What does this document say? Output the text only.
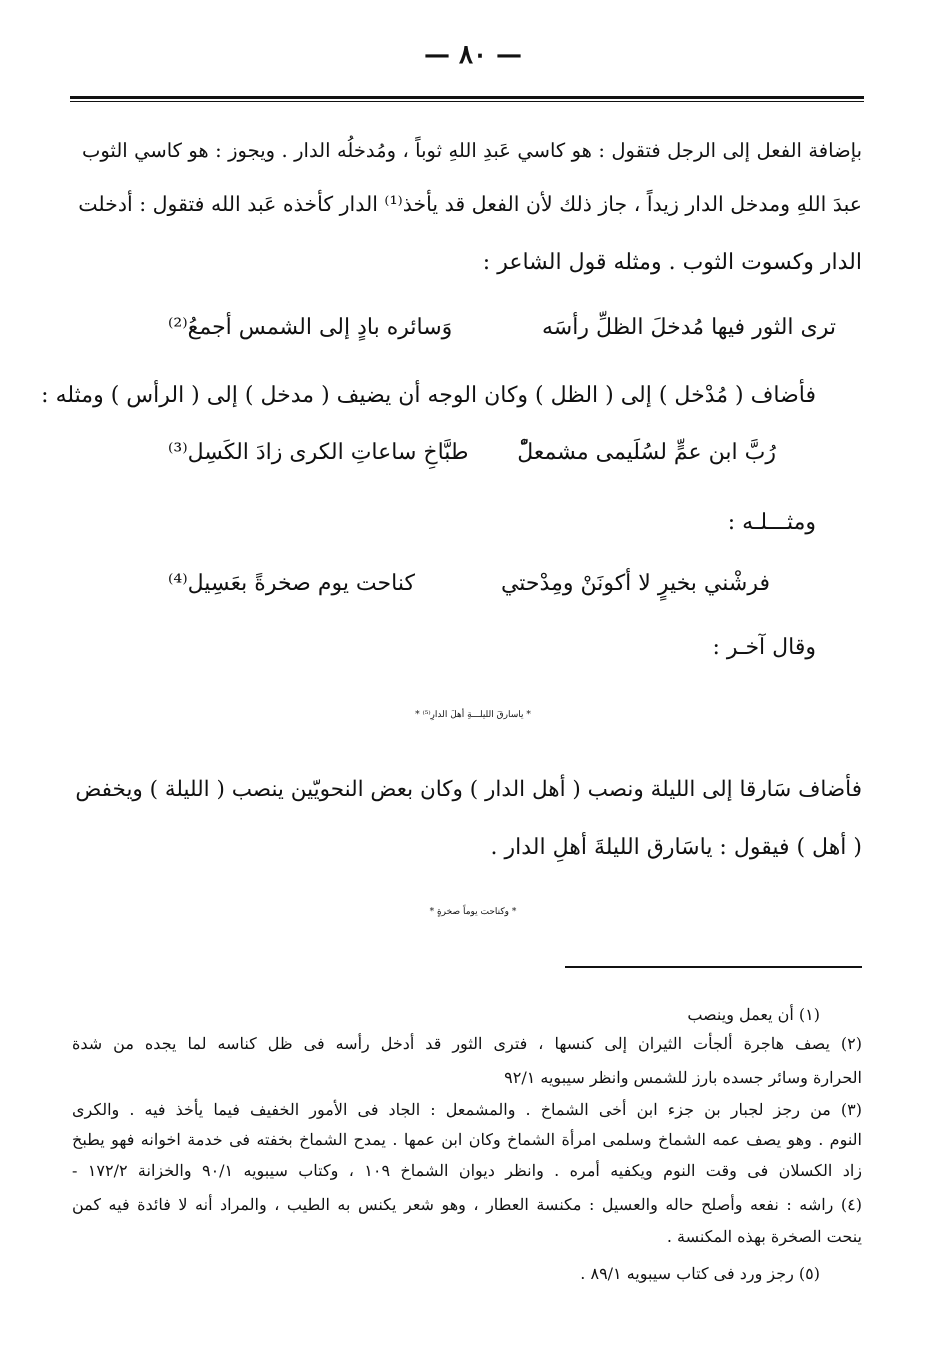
— ٨٠ —
بإضافة الفعل إلى الرجل فتقول : هو كاسي عَبدِ اللهِ ثوباً ، ومُدخلُه الدار . ويجوز : هو كاسي الثوب
عبدَ اللهِ ومدخل الدار زيداً ، جاز ذلك لأن الفعل قد يأخذ⁽¹⁾ الدار كأخذه عَبد الله فتقول : أدخلت
الدار وكسوت الثوب . ومثله قول الشاعر :
ترى الثور فيها مُدخلَ الظلِّ رأسَه
وَسائره بادٍ إلى الشمس أجمعُ⁽²⁾
فأضاف ( مُدْخل ) إلى ( الظل ) وكان الوجه أن يضيف ( مدخل ) إلى ( الرأس ) ومثله :
رُبَّ ابن عمٍّ لسُلَيمى مشمعلّْ
طبَّاخِ ساعاتِ الكرى زادَ الكَسِل⁽³⁾
ومثـــلـه :
فرشْني بخيرٍ لا أكونَنْ ومِدْحتي
كناحت يوم صخرةً بعَسِيل⁽⁴⁾
وقال آخـر :
* ياسارقَ الليلـــةِ أهلَ الدارِ⁽⁵⁾ *
فأضاف سَارقا إلى الليلة ونصب ( أهل الدار ) وكان بعض النحويّين ينصب ( الليلة ) ويخفض
( أهل ) فيقول : ياسَارق الليلةَ أهلِ الدار .
* وكناحت يوماً صخرةٍ *
(١) أن يعمل وينصب
(٢) يصف هاجرة ألجأت الثيران إلى كنسها ، فترى الثور قد أدخل رأسه فى ظل كناسه لما يجده من شدة
الحرارة وسائر جسده بارز للشمس وانظر سيبويه ٩٢/١
(٣) من رجز لجبار بن جزء ابن أخى الشماخ . والمشمعل : الجاد فى الأمور الخفيف فيما يأخذ فيه . والكرى
النوم . وهو يصف عمه الشماخ وسلمى امرأة الشماخ وكان ابن عمها . يمدح الشماخ بخفته فى خدمة اخوانه فهو يطبخ
زاد الكسلان فى وقت النوم ويكفيه أمره . وانظر ديوان الشماخ ١٠٩ ، وكتاب سيبويه ٩٠/١ والخزانة ١٧٢/٢ -
(٤) راشه : نفعه وأصلح حاله والعسيل : مكنسة العطار ، وهو شعر يكنس به الطيب ، والمراد أنه لا فائدة فيه كمن
ينحت الصخرة بهذه المكنسة .
(٥) رجز ورد فى كتاب سيبويه ٨٩/١ .
